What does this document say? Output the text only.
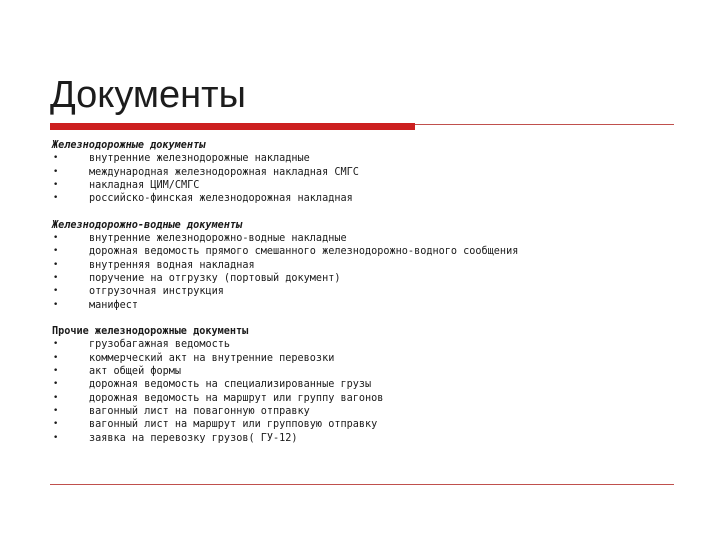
Документы
Железнодорожные документы
•	внутренние железнодорожные накладные
•	международная железнодорожная накладная СМГС
•	накладная ЦИМ/СМГС
•	российско-финская железнодорожная накладная
Железнодорожно-водные документы
•	внутренние железнодорожно-водные накладные
•	дорожная ведомость прямого смешанного железнодорожно-водного сообщения
•	внутренняя водная накладная
•	поручение на отгрузку (портовый документ)
•	отгрузочная инструкция
•	манифест
Прочие железнодорожные документы
•	грузобагажная ведомость
•	коммерческий акт на внутренние перевозки
•	акт общей формы
•	дорожная ведомость на специализированные грузы
•	дорожная ведомость на маршрут или группу вагонов
•	вагонный лист на повагонную отправку
•	вагонный лист на маршрут или групповую отправку
•	заявка на перевозку грузов( ГУ-12)
